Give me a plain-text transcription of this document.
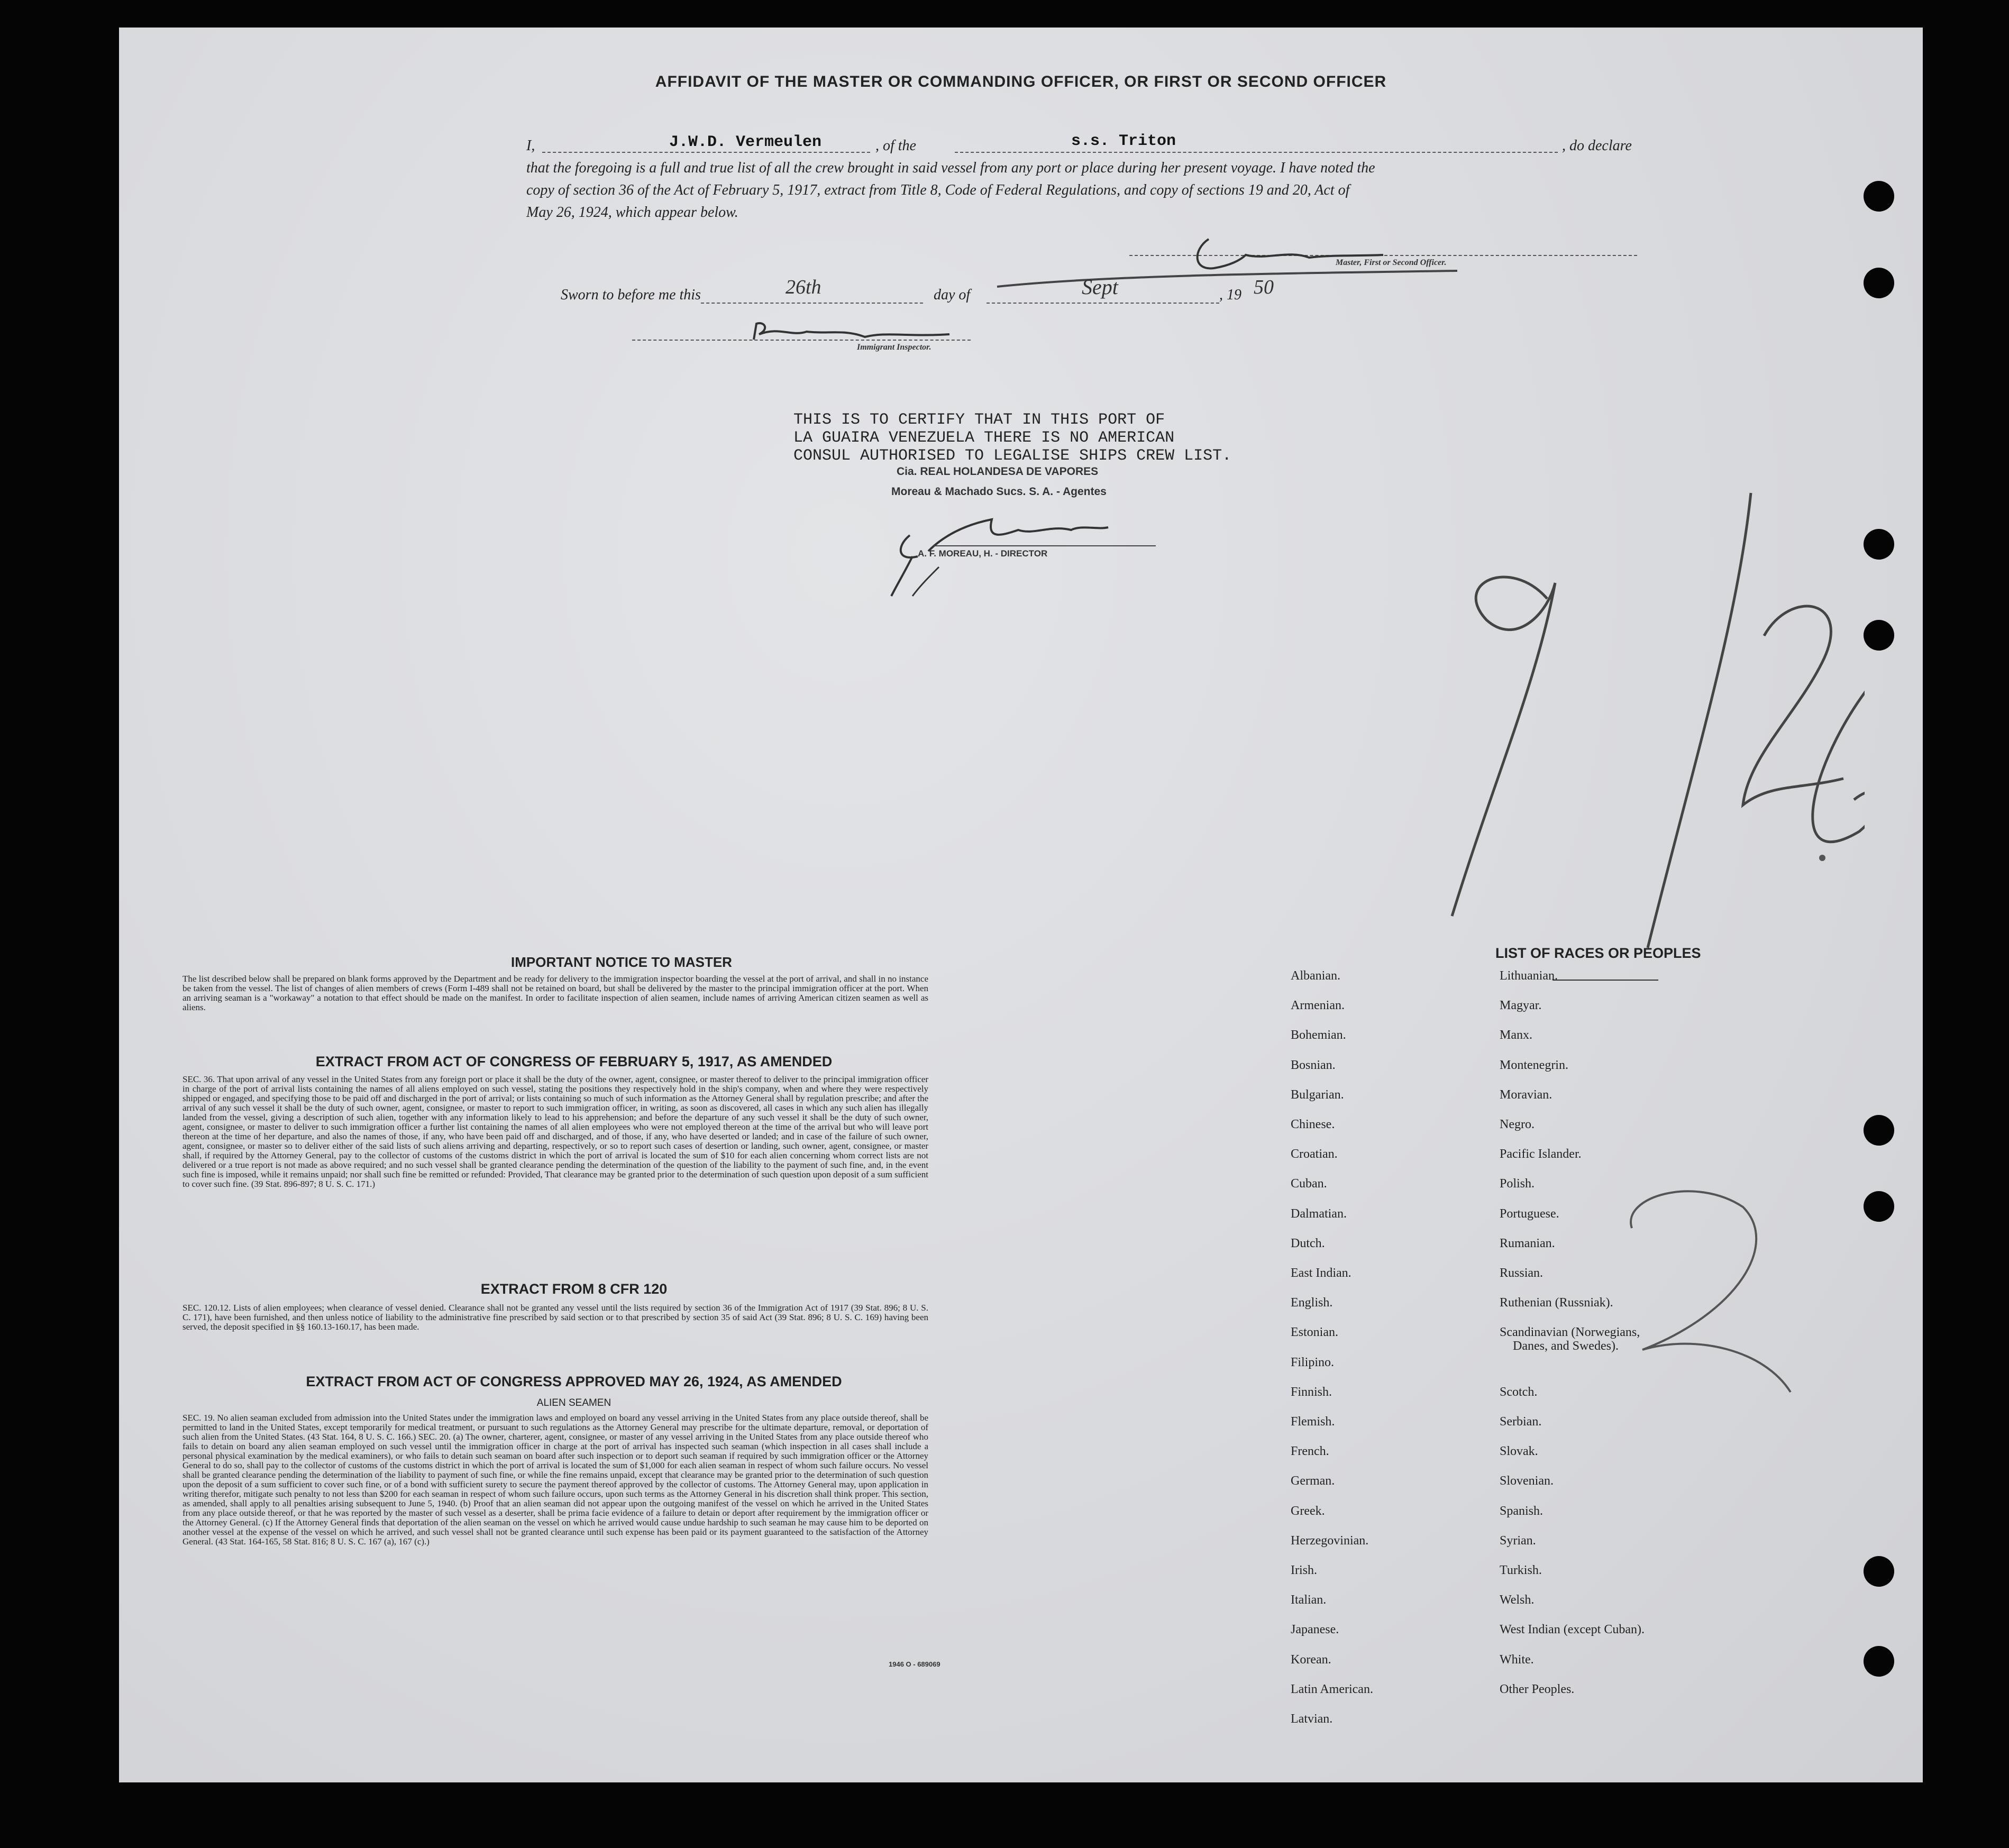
AFFIDAVIT OF THE MASTER OR COMMANDING OFFICER, OR FIRST OR SECOND OFFICER
I,	J.W.D. Vermeulen	, of the	s.s. Triton	, do declare
that the foregoing is a full and true list of all the crew brought in said vessel from any port or place during her present voyage. I have noted the
copy of section 36 of the Act of February 5, 1917, extract from Title 8, Code of Federal Regulations, and copy of sections 19 and 20, Act of
May 26, 1924, which appear below.
Master, First or Second Officer.
Sworn to before me this	26th	day of	Sept	, 19 50
Immigrant Inspector.
THIS IS TO CERTIFY THAT IN THIS PORT OF
LA GUAIRA VENEZUELA THERE IS NO AMERICAN
CONSUL AUTHORISED TO LEGALISE SHIPS CREW LIST.
Cia. REAL HOLANDESA DE VAPORES
Moreau & Machado Sucs. S. A. - Agentes
A. F. MOREAU, H. - DIRECTOR
IMPORTANT NOTICE TO MASTER
The list described below shall be prepared on blank forms approved by the Department and be ready for delivery to the immigration inspector boarding the vessel at the port of arrival, and shall in no instance be taken from the vessel. The list of changes of alien members of crews (Form I-489 shall not be retained on board, but shall be delivered by the master to the principal immigration officer at the port. When an arriving seaman is a "workaway" a notation to that effect should be made on the manifest. In order to facilitate inspection of alien seamen, include names of arriving American citizen seamen as well as aliens.
EXTRACT FROM ACT OF CONGRESS OF FEBRUARY 5, 1917, AS AMENDED
SEC. 36. That upon arrival of any vessel in the United States from any foreign port or place it shall be the duty of the owner, agent, consignee, or master thereof to deliver to the principal immigration officer in charge of the port of arrival lists containing the names of all aliens employed on such vessel, stating the positions they respectively hold in the ship's company, when and where they were respectively shipped or engaged, and specifying those to be paid off and discharged in the port of arrival; or lists containing so much of such information as the Attorney General shall by regulation prescribe; and after the arrival of any such vessel it shall be the duty of such owner, agent, consignee, or master to report to such immigration officer, in writing, as soon as discovered, all cases in which any such alien has illegally landed from the vessel, giving a description of such alien, together with any information likely to lead to his apprehension; and before the departure of any such vessel it shall be the duty of such owner, agent, consignee, or master to deliver to such immigration officer a further list containing the names of all alien employees who were not employed thereon at the time of the arrival but who will leave port thereon at the time of her departure, and also the names of those, if any, who have been paid off and discharged, and of those, if any, who have deserted or landed; and in case of the failure of such owner, agent, consignee, or master so to deliver either of the said lists of such aliens arriving and departing, respectively, or so to report such cases of desertion or landing, such owner, agent, consignee, or master shall, if required by the Attorney General, pay to the collector of customs of the customs district in which the port of arrival is located the sum of $10 for each alien concerning whom correct lists are not delivered or a true report is not made as above required; and no such vessel shall be granted clearance pending the determination of the question of the liability to the payment of such fine, and, in the event such fine is imposed, while it remains unpaid; nor shall such fine be remitted or refunded: Provided, That clearance may be granted prior to the determination of such question upon deposit of a sum sufficient to cover such fine. (39 Stat. 896-897; 8 U. S. C. 171.)
EXTRACT FROM 8 CFR 120
SEC. 120.12. Lists of alien employees; when clearance of vessel denied. Clearance shall not be granted any vessel until the lists required by section 36 of the Immigration Act of 1917 (39 Stat. 896; 8 U. S. C. 171), have been furnished, and then unless notice of liability to the administrative fine prescribed by said section or to that prescribed by section 35 of said Act (39 Stat. 896; 8 U. S. C. 169) having been served, the deposit specified in §§ 160.13-160.17, has been made.
EXTRACT FROM ACT OF CONGRESS APPROVED MAY 26, 1924, AS AMENDED
ALIEN SEAMEN
SEC. 19. No alien seaman excluded from admission into the United States under the immigration laws and employed on board any vessel arriving in the United States from any place outside thereof, shall be permitted to land in the United States, except temporarily for medical treatment, or pursuant to such regulations as the Attorney General may prescribe for the ultimate departure, removal, or deportation of such alien from the United States. (43 Stat. 164, 8 U. S. C. 166.) SEC. 20. (a) The owner, charterer, agent, consignee, or master of any vessel arriving in the United States from any place outside thereof who fails to detain on board any alien seaman employed on such vessel until the immigration officer in charge at the port of arrival has inspected such seaman (which inspection in all cases shall include a personal physical examination by the medical examiners), or who fails to detain such seaman on board after such inspection or to deport such seaman if required by such immigration officer or the Attorney General to do so, shall pay to the collector of customs of the customs district in which the port of arrival is located the sum of $1,000 for each alien seaman in respect of whom such failure occurs. No vessel shall be granted clearance pending the determination of the liability to payment of such fine, or while the fine remains unpaid, except that clearance may be granted prior to the determination of such question upon the deposit of a sum sufficient to cover such fine, or of a bond with sufficient surety to secure the payment thereof approved by the collector of customs. The Attorney General may, upon application in writing therefor, mitigate such penalty to not less than $200 for each seaman in respect of whom such failure occurs, upon such terms as the Attorney General in his discretion shall think proper. This section, as amended, shall apply to all penalties arising subsequent to June 5, 1940. (b) Proof that an alien seaman did not appear upon the outgoing manifest of the vessel on which he arrived in the United States from any place outside thereof, or that he was reported by the master of such vessel as a deserter, shall be prima facie evidence of a failure to detain or deport after requirement by the immigration officer or the Attorney General. (c) If the Attorney General finds that deportation of the alien seaman on the vessel on which he arrived would cause undue hardship to such seaman he may cause him to be deported on another vessel at the expense of the vessel on which he arrived, and such vessel shall not be granted clearance until such expense has been paid or its payment guaranteed to the satisfaction of the Attorney General. (43 Stat. 164-165, 58 Stat. 816; 8 U. S. C. 167 (a), 167 (c).)
1946 O - 689069
LIST OF RACES OR PEOPLES
Albanian.
Armenian.
Bohemian.
Bosnian.
Bulgarian.
Chinese.
Croatian.
Cuban.
Dalmatian.
Dutch.
East Indian.
English.
Estonian.
Filipino.
Finnish.
Flemish.
French.
German.
Greek.
Herzegovinian.
Irish.
Italian.
Japanese.
Korean.
Latin American.
Latvian.
Lithuanian.
Magyar.
Manx.
Montenegrin.
Moravian.
Negro.
Pacific Islander.
Polish.
Portuguese.
Rumanian.
Russian.
Ruthenian (Russniak).
Scandinavian (Norwegians,
Danes, and Swedes).
Scotch.
Serbian.
Slovak.
Slovenian.
Spanish.
Syrian.
Turkish.
Welsh.
West Indian (except Cuban).
White.
Other Peoples.
